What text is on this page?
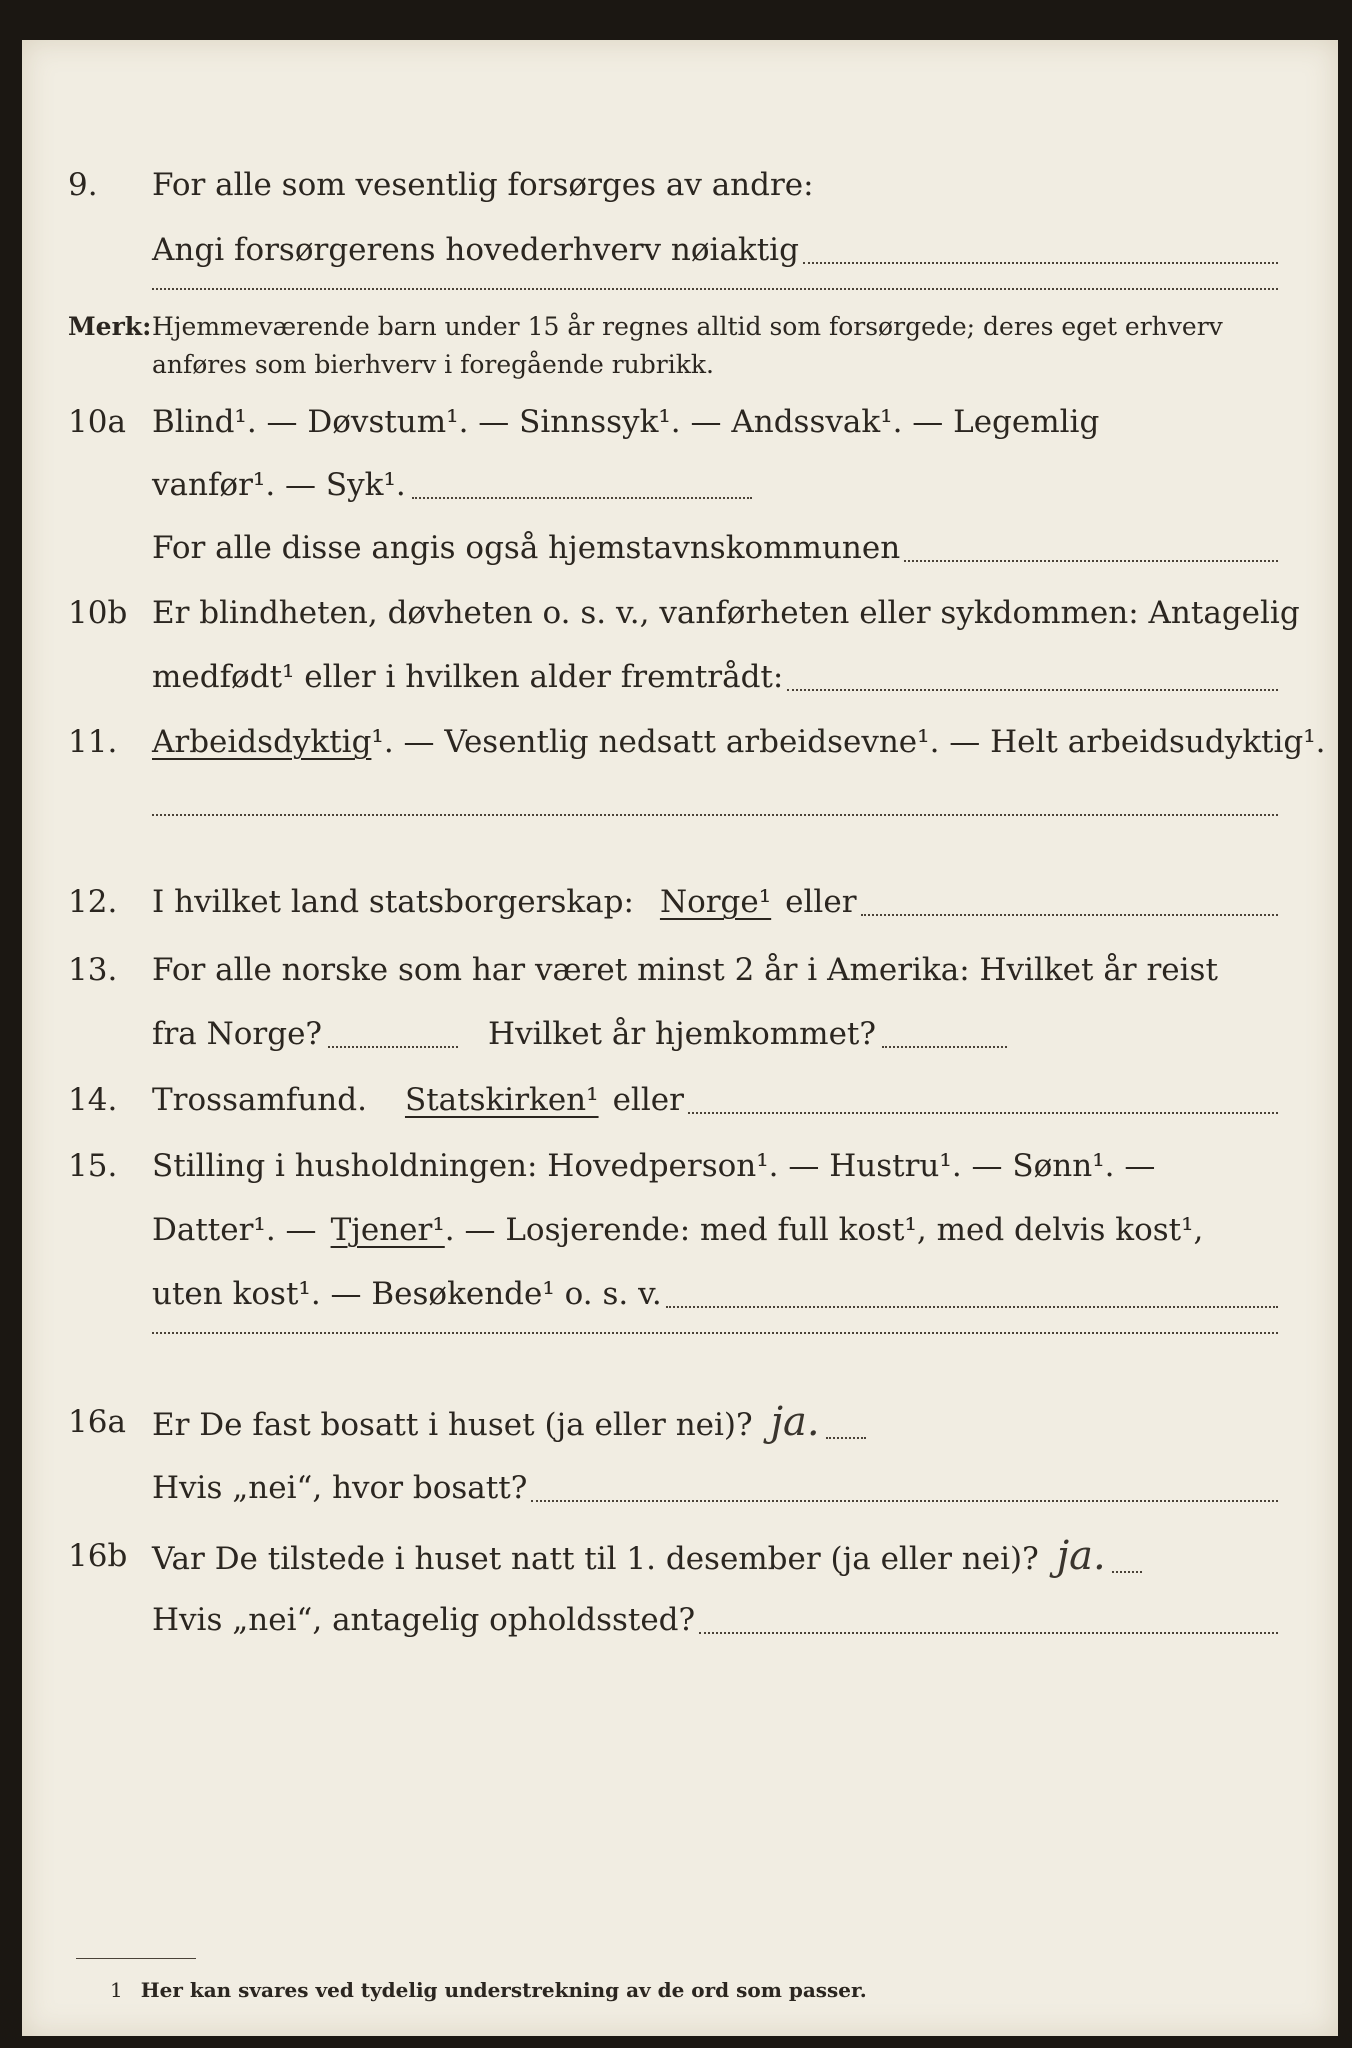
9.	For alle som vesentlig forsørges av andre:
Angi forsørgerens hovederhverv nøiaktig
Merk: Hjemmeværende barn under 15 år regnes alltid som forsørgede; deres eget erhverv
anføres som bierhverv i foregående rubrikk.
10a Blind¹. — Døvstum¹. — Sinnssyk¹. — Andssvak¹. — Legemlig
vanfør¹. — Syk¹.
For alle disse angis også hjemstavnskommunen
10b Er blindheten, døvheten o. s. v., vanførheten eller sykdommen: Antagelig
medfødt¹ eller i hvilken alder fremtrådt:
11.	Arbeidsdyktig ¹. — Vesentlig nedsatt arbeidsevne¹. — Helt arbeidsudyktig¹.
12.	I hvilket land statsborgerskap: Norge¹ eller
13.	For alle norske som har været minst 2 år i Amerika: Hvilket år reist
fra Norge?	Hvilket år hjemkommet?
14.	Trossamfund. Statskirken¹ eller
15.	Stilling i husholdningen: Hovedperson¹. — Hustru¹. — Sønn¹. —
Datter¹. — Tjener¹ . — Losjerende: med full kost¹, med delvis kost¹,
uten kost¹. — Besøkende¹ o. s. v.
16a Er De fast bosatt i huset (ja eller nei)? ja.
Hvis „nei“, hvor bosatt?
16b Var De tilstede i huset natt til 1. desember (ja eller nei)? ja.
Hvis „nei“, antagelig opholdssted?
1 Her kan svares ved tydelig understrekning av de ord som passer.
